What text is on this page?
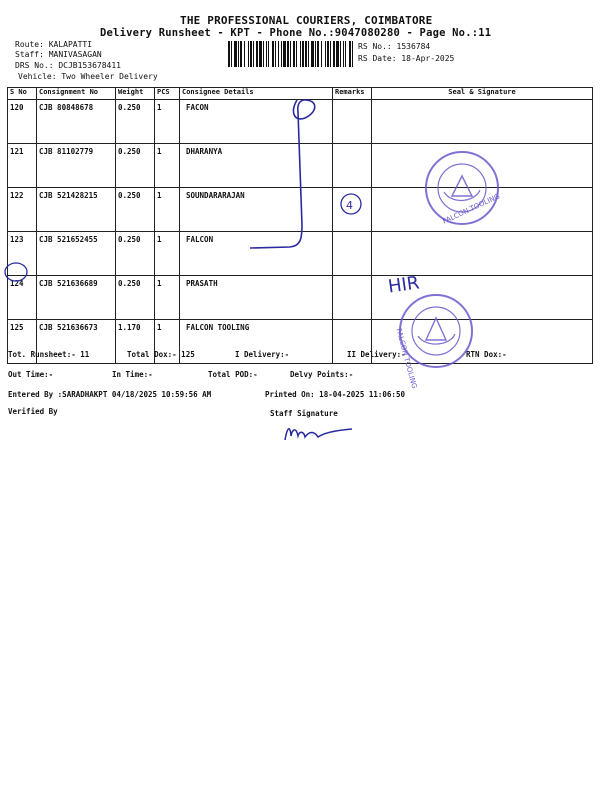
THE PROFESSIONAL COURIERS, COIMBATORE
Delivery Runsheet - KPT - Phone No.:9047080280 - Page No.:11
Route: KALAPATTI
Staff: MANIVASAGAN
DRS No.: DCJB153678411
Vehicle: Two Wheeler Delivery
RS No.: 1536784
RS Date: 18-Apr-2025
S No	Consignment No	Weight	PCS	Consignee Details	Remarks	Seal & Signature
120	CJB 80848678	0.250	1	FACON		
121	CJB 81102779	0.250	1	DHARANYA		
122	CJB 521428215	0.250	1	SOUNDARARAJAN		
123	CJB 521652455	0.250	1	FALCON		
124	CJB 521636689	0.250	1	PRASATH		
125	CJB 521636673	1.170	1	FALCON TOOLING		
Tot. Runsheet:- 11	Total Dox:- 125	I Delivery:-	II Delivery:-	RTN Dox:-
Out Time:-	In Time:-	Total POD:-	Delvy Points:-
Entered By :SARADHAKPT 04/18/2025 10:59:56 AM	Printed On: 18-04-2025 11:06:50
Verified By	Staff Signature
4
HIR
FALCON TOOLING
FALCON TOOLING
